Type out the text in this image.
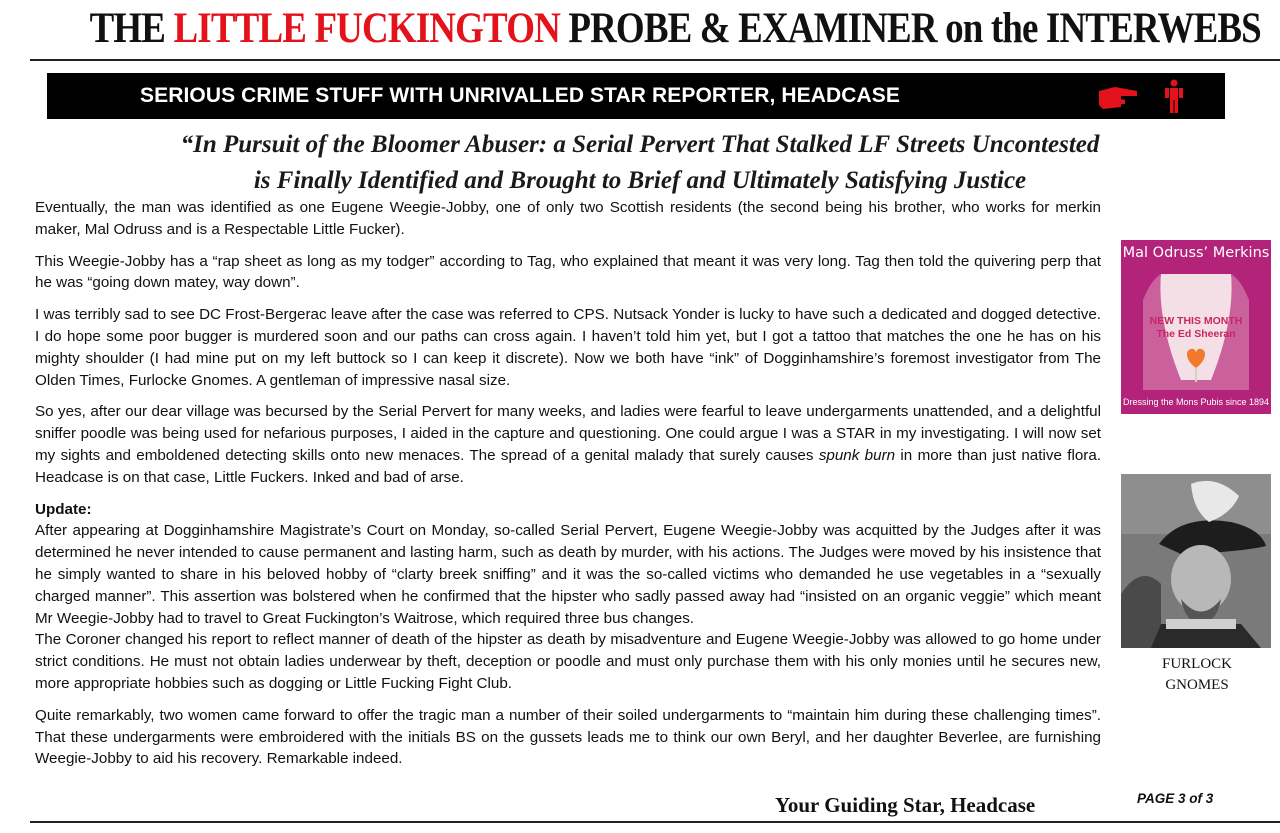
THE LITTLE FUCKINGTON PROBE & EXAMINER on the INTERWEBS
SERIOUS CRIME STUFF WITH UNRIVALLED STAR REPORTER, HEADCASE
“In Pursuit of the Bloomer Abuser: a Serial Pervert That Stalked LF Streets Uncontested
is Finally Identified and Brought to Brief and Ultimately Satisfying Justice

Eventually, the man was identified as one Eugene Weegie-Jobby, one of only two Scottish residents (the second being his brother, who works for merkin maker, Mal Odruss and is a Respectable Little Fucker).

This Weegie-Jobby has a “rap sheet as long as my todger” according to Tag, who explained that meant it was very long. Tag then told the quivering perp that he was “going down matey, way down”.

I was terribly sad to see DC Frost-Bergerac leave after the case was referred to CPS. Nutsack Yonder is lucky to have such a dedicated and dogged detective. I do hope some poor bugger is murdered soon and our paths can cross again. I haven’t told him yet, but I got a tattoo that matches the one he has on his mighty shoulder (I had mine put on my left buttock so I can keep it discrete). Now we both have “ink” of Dogginhamshire’s foremost investigator from The Olden Times, Furlocke Gnomes. A gentleman of impressive nasal size.

So yes, after our dear village was becursed by the Serial Pervert for many weeks, and ladies were fearful to leave undergarments unattended, and a delightful sniffer poodle was being used for nefarious purposes, I aided in the capture and questioning. One could argue I was a STAR in my investigating. I will now set my sights and emboldened detecting skills onto new menaces. The spread of a genital malady that surely causes spunk burn in more than just native flora. Headcase is on that case, Little Fuckers. Inked and bad of arse.

Update:

After appearing at Dogginhamshire Magistrate’s Court on Monday, so-called Serial Pervert, Eugene Weegie-Jobby was acquitted by the Judges after it was determined he never intended to cause permanent and lasting harm, such as death by murder, with his actions. The Judges were moved by his insistence that he simply wanted to share in his beloved hobby of “clarty breek sniffing” and it was the so-called victims who demanded he use vegetables in a “sexually charged manner”. This assertion was bolstered when he confirmed that the hipster who sadly passed away had “insisted on an organic veggie” which meant Mr Weegie-Jobby had to travel to Great Fuckington’s Waitrose, which required three bus changes.

The Coroner changed his report to reflect manner of death of the hipster as death by misadventure and Eugene Weegie-Jobby was allowed to go home under strict conditions. He must not obtain ladies underwear by theft, deception or poodle and must only purchase them with his only monies until he secures new, more appropriate hobbies such as dogging or Little Fucking Fight Club.

Quite remarkably, two women came forward to offer the tragic man a number of their soiled undergarments to “maintain him during these challenging times”. That these undergarments were embroidered with the initials BS on the gussets leads me to think our own Beryl, and her daughter Beverlee, are furnishing Weegie-Jobby to aid his recovery. Remarkable indeed.

Your Guiding Star, Headcase	PAGE 3 of 3
Mal Odruss’ Merkins
NEW THIS MONTH
The Ed Sheeran
Dressing the Mons Pubis since 1894
FURLOCK
GNOMES
